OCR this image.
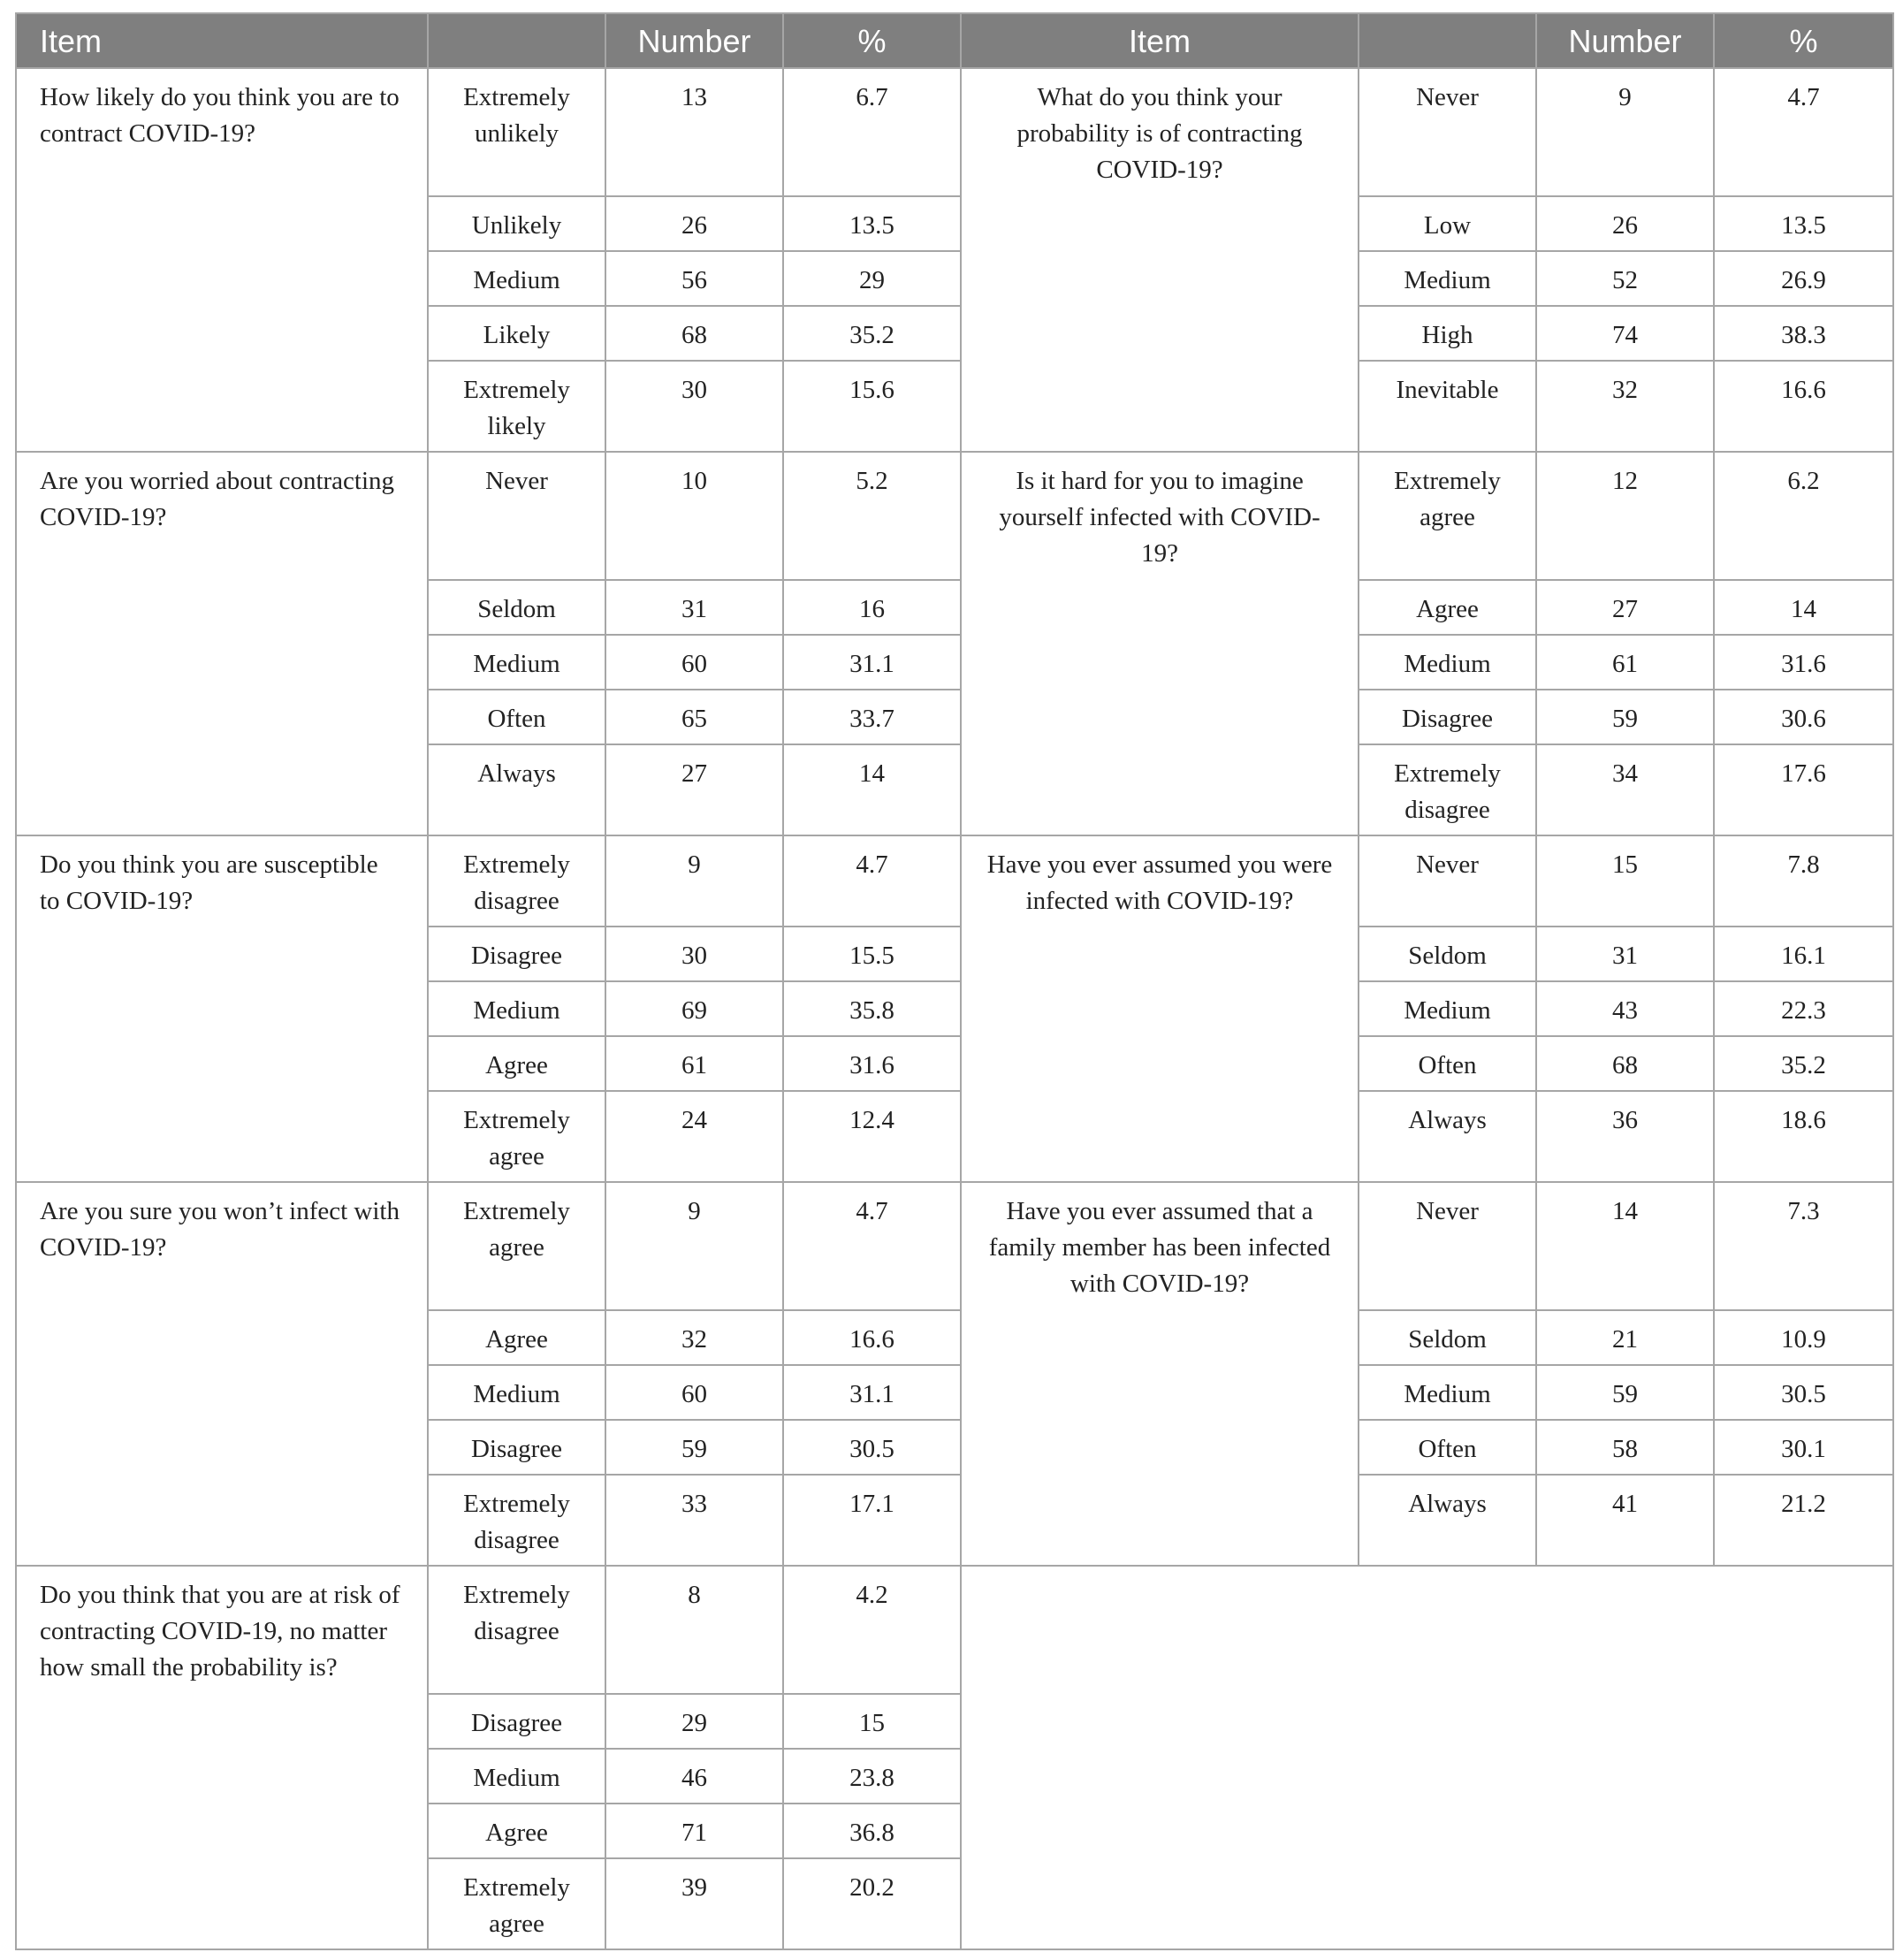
Item		Number	%	Item		Number	%
How likely do you think you are to contract COVID-19?	Extremely unlikely	13	6.7	What do you think your probability is of contracting COVID-19?	Never	9	4.7
	Unlikely	26	13.5		Low	26	13.5
	Medium	56	29		Medium	52	26.9
	Likely	68	35.2		High	74	38.3
	Extremely likely	30	15.6		Inevitable	32	16.6
Are you worried about contracting COVID-19?	Never	10	5.2	Is it hard for you to imagine yourself infected with COVID-19?	Extremely agree	12	6.2
	Seldom	31	16		Agree	27	14
	Medium	60	31.1		Medium	61	31.6
	Often	65	33.7		Disagree	59	30.6
	Always	27	14		Extremely disagree	34	17.6
Do you think you are susceptible to COVID-19?	Extremely disagree	9	4.7	Have you ever assumed you were infected with COVID-19?	Never	15	7.8
	Disagree	30	15.5		Seldom	31	16.1
	Medium	69	35.8		Medium	43	22.3
	Agree	61	31.6		Often	68	35.2
	Extremely agree	24	12.4		Always	36	18.6
Are you sure you won’t infect with COVID-19?	Extremely agree	9	4.7	Have you ever assumed that a family member has been infected with COVID-19?	Never	14	7.3
	Agree	32	16.6		Seldom	21	10.9
	Medium	60	31.1		Medium	59	30.5
	Disagree	59	30.5		Often	58	30.1
	Extremely disagree	33	17.1		Always	41	21.2
Do you think that you are at risk of contracting COVID-19, no matter how small the probability is?	Extremely disagree	8	4.2				
	Disagree	29	15				
	Medium	46	23.8				
	Agree	71	36.8				
	Extremely agree	39	20.2				
